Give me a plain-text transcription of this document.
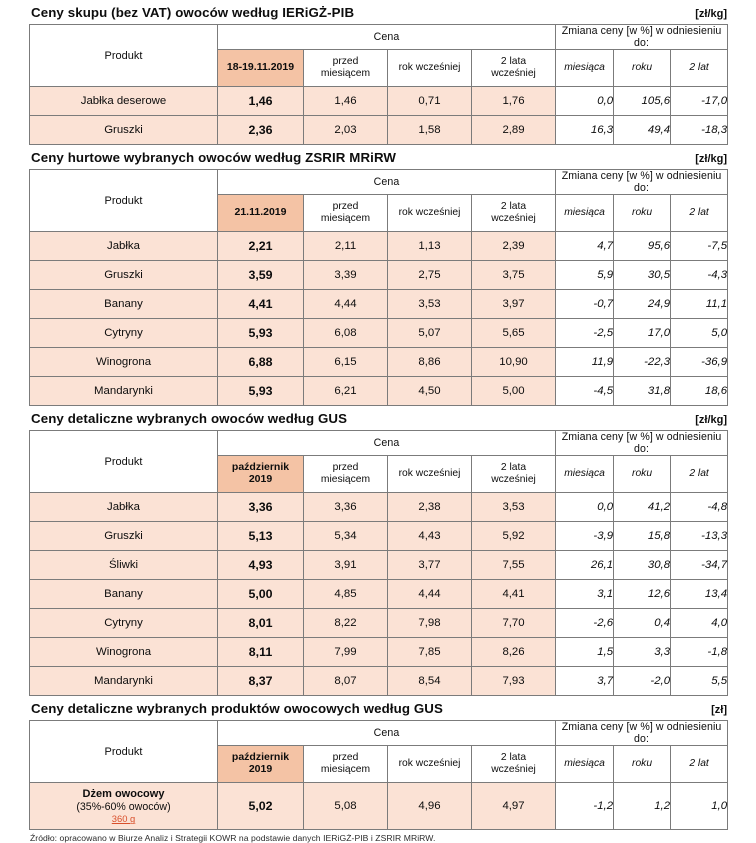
Ceny skupu (bez VAT) owoców według IERiGŻ-PIB	[zł/kg]
Produkt	Cena				Zmiana ceny [w %] w odniesieniu do:		
	18-19.11.2019	przed
miesiącem	rok wcześniej	2 lata
wcześniej	miesiąca	roku	2 lat
Jabłka deserowe	1,46	1,46	0,71	1,76	0,0	105,6	-17,0
Gruszki	2,36	2,03	1,58	2,89	16,3	49,4	-18,3
Ceny hurtowe wybranych owoców według ZSRIR MRiRW	[zł/kg]
Produkt	Cena				Zmiana ceny [w %] w odniesieniu do:		
	21.11.2019	przed
miesiącem	rok wcześniej	2 lata
wcześniej	miesiąca	roku	2 lat
Jabłka	2,21	2,11	1,13	2,39	4,7	95,6	-7,5
Gruszki	3,59	3,39	2,75	3,75	5,9	30,5	-4,3
Banany	4,41	4,44	3,53	3,97	-0,7	24,9	11,1
Cytryny	5,93	6,08	5,07	5,65	-2,5	17,0	5,0
Winogrona	6,88	6,15	8,86	10,90	11,9	-22,3	-36,9
Mandarynki	5,93	6,21	4,50	5,00	-4,5	31,8	18,6
Ceny detaliczne wybranych owoców według GUS	[zł/kg]
Produkt	Cena				Zmiana ceny [w %] w odniesieniu do:		
	październik
2019	przed
miesiącem	rok wcześniej	2 lata
wcześniej	miesiąca	roku	2 lat
Jabłka	3,36	3,36	2,38	3,53	0,0	41,2	-4,8
Gruszki	5,13	5,34	4,43	5,92	-3,9	15,8	-13,3
Śliwki	4,93	3,91	3,77	7,55	26,1	30,8	-34,7
Banany	5,00	4,85	4,44	4,41	3,1	12,6	13,4
Cytryny	8,01	8,22	7,98	7,70	-2,6	0,4	4,0
Winogrona	8,11	7,99	7,85	8,26	1,5	3,3	-1,8
Mandarynki	8,37	8,07	8,54	7,93	3,7	-2,0	5,5
Ceny detaliczne wybranych produktów owocowych według GUS	[zł]
Produkt	Cena				Zmiana ceny [w %] w odniesieniu do:		
	październik
2019	przed
miesiącem	rok wcześniej	2 lata
wcześniej	miesiąca	roku	2 lat

Dżem owocowy
(35%-60% owoców)
360 g	5,02	5,08	4,96	4,97	-1,2	1,2	1,0
Źródło: opracowano w Biurze Analiz i Strategii KOWR na podstawie danych IERiGŻ-PIB i ZSRIR MRiRW.
